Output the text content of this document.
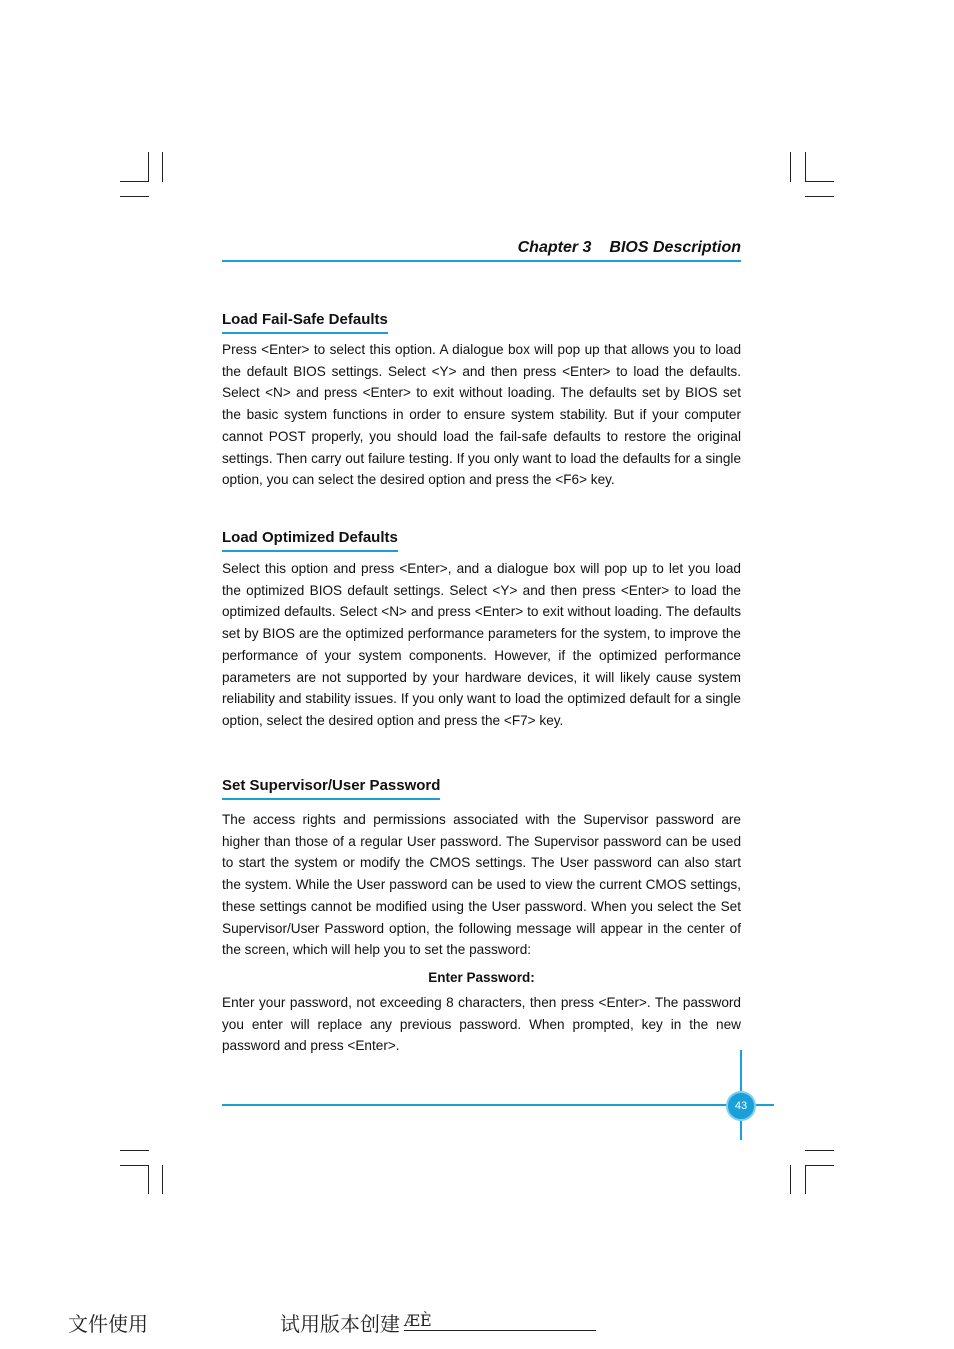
Chapter 3 BIOS Description
Load Fail-Safe Defaults

Press <Enter> to select this option. A dialogue box will pop up that allows you to load the default BIOS settings. Select <Y> and then press <Enter> to load the defaults. Select <N> and press <Enter> to exit without loading. The defaults set by BIOS set the basic system functions in order to ensure system stability. But if your computer cannot POST properly, you should load the fail-safe defaults to restore the original settings. Then carry out failure testing. If you only want to load the defaults for a single option, you can select the desired option and press the <F6> key.

Load Optimized Defaults

Select this option and press <Enter>, and a dialogue box will pop up to let you load the optimized BIOS default settings. Select <Y> and then press <Enter> to load the optimized defaults. Select <N> and press <Enter> to exit without loading. The defaults set by BIOS are the optimized performance parameters for the system, to improve the performance of your system components. However, if the optimized performance parameters are not supported by your hardware devices, it will likely cause system reliability and stability issues. If you only want to load the optimized default for a single option, select the desired option and press the <F7> key.

Set Supervisor/User Password

The access rights and permissions associated with the Supervisor password are higher than those of a regular User password. The Supervisor password can be used to start the system or modify the CMOS settings. The User password can also start the system. While the User password can be used to view the current CMOS settings, these settings cannot be modified using the User password. When you select the Set Supervisor/User Password option, the following message will appear in the center of the screen, which will help you to set the password:

Enter Password:

Enter your password, not exceeding 8 characters, then press <Enter>. The password you enter will replace any previous password. When prompted, key in the new password and press <Enter>.

43
文件使用	试用版本创建 ÆÈ
